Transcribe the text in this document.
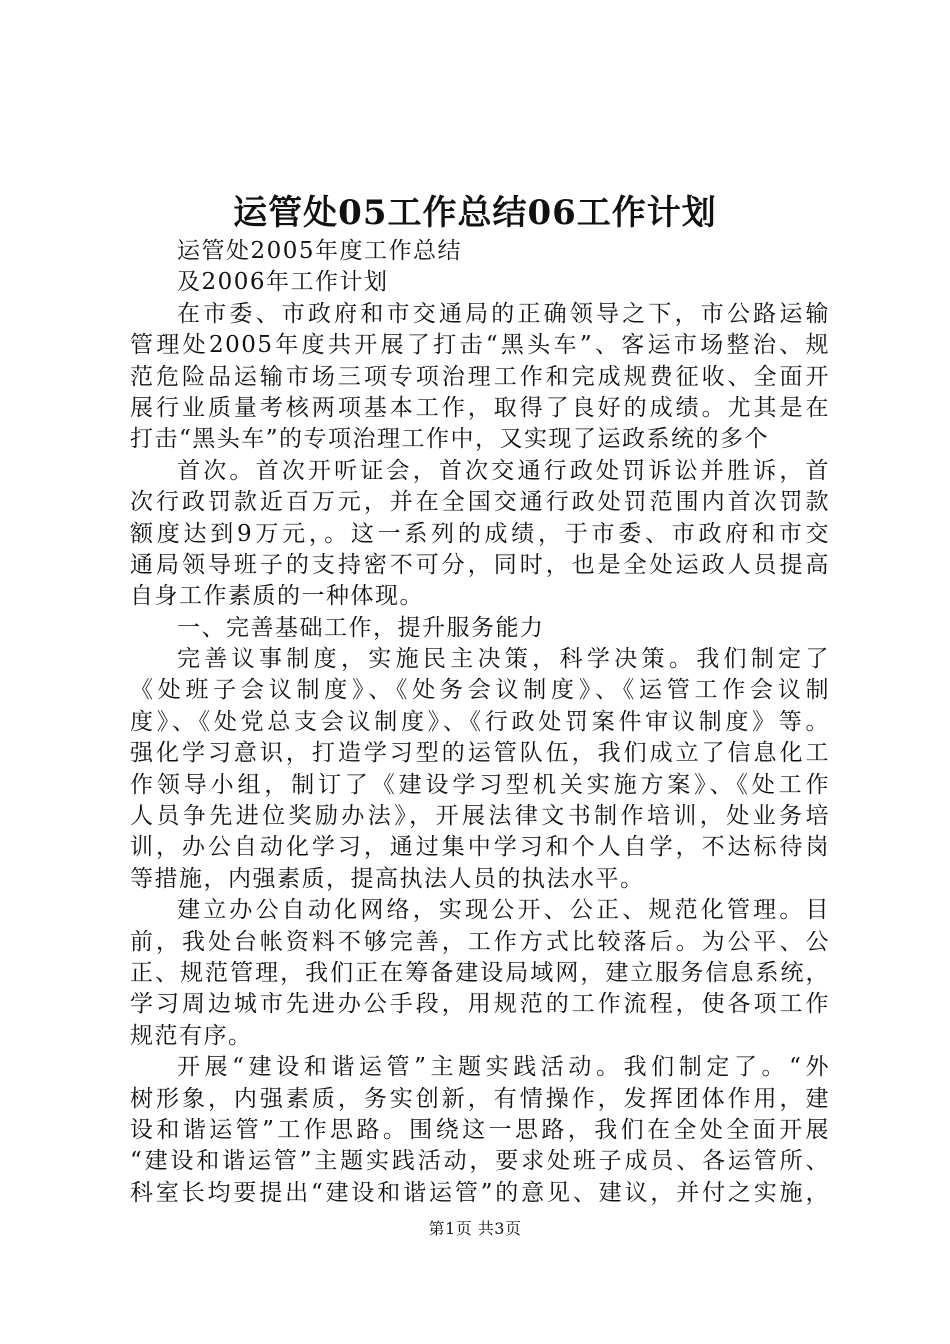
运管处05工作总结06工作计划
运管处2005年度工作总结
及2006年工作计划
在市委、市政府和市交通局的正确领导之下，市公路运输
管理处2005年度共开展了打击“黑头车”、客运市场整治、规
范危险品运输市场三项专项治理工作和完成规费征收、全面开
展行业质量考核两项基本工作，取得了良好的成绩。尤其是在
打击“黑头车”的专项治理工作中，又实现了运政系统的多个
首次。首次开听证会，首次交通行政处罚诉讼并胜诉，首
次行政罚款近百万元，并在全国交通行政处罚范围内首次罚款
额度达到9万元，。这一系列的成绩，于市委、市政府和市交
通局领导班子的支持密不可分，同时，也是全处运政人员提高
自身工作素质的一种体现。
一、完善基础工作，提升服务能力
完善议事制度，实施民主决策，科学决策。我们制定了
《处班子会议制度》、《处务会议制度》、《运管工作会议制
度》、《处党总支会议制度》、《行政处罚案件审议制度》等。
强化学习意识，打造学习型的运管队伍，我们成立了信息化工
作领导小组，制订了《建设学习型机关实施方案》、《处工作
人员争先进位奖励办法》，开展法律文书制作培训，处业务培
训，办公自动化学习，通过集中学习和个人自学，不达标待岗
等措施，内强素质，提高执法人员的执法水平。
建立办公自动化网络，实现公开、公正、规范化管理。目
前，我处台帐资料不够完善，工作方式比较落后。为公平、公
正、规范管理，我们正在筹备建设局域网，建立服务信息系统，
学习周边城市先进办公手段，用规范的工作流程，使各项工作
规范有序。
开展“建设和谐运管”主题实践活动。我们制定了。“外
树形象，内强素质，务实创新，有情操作，发挥团体作用，建
设和谐运管”工作思路。围绕这一思路，我们在全处全面开展
“建设和谐运管”主题实践活动，要求处班子成员、各运管所、
科室长均要提出“建设和谐运管”的意见、建议，并付之实施，
第1页 共3页
